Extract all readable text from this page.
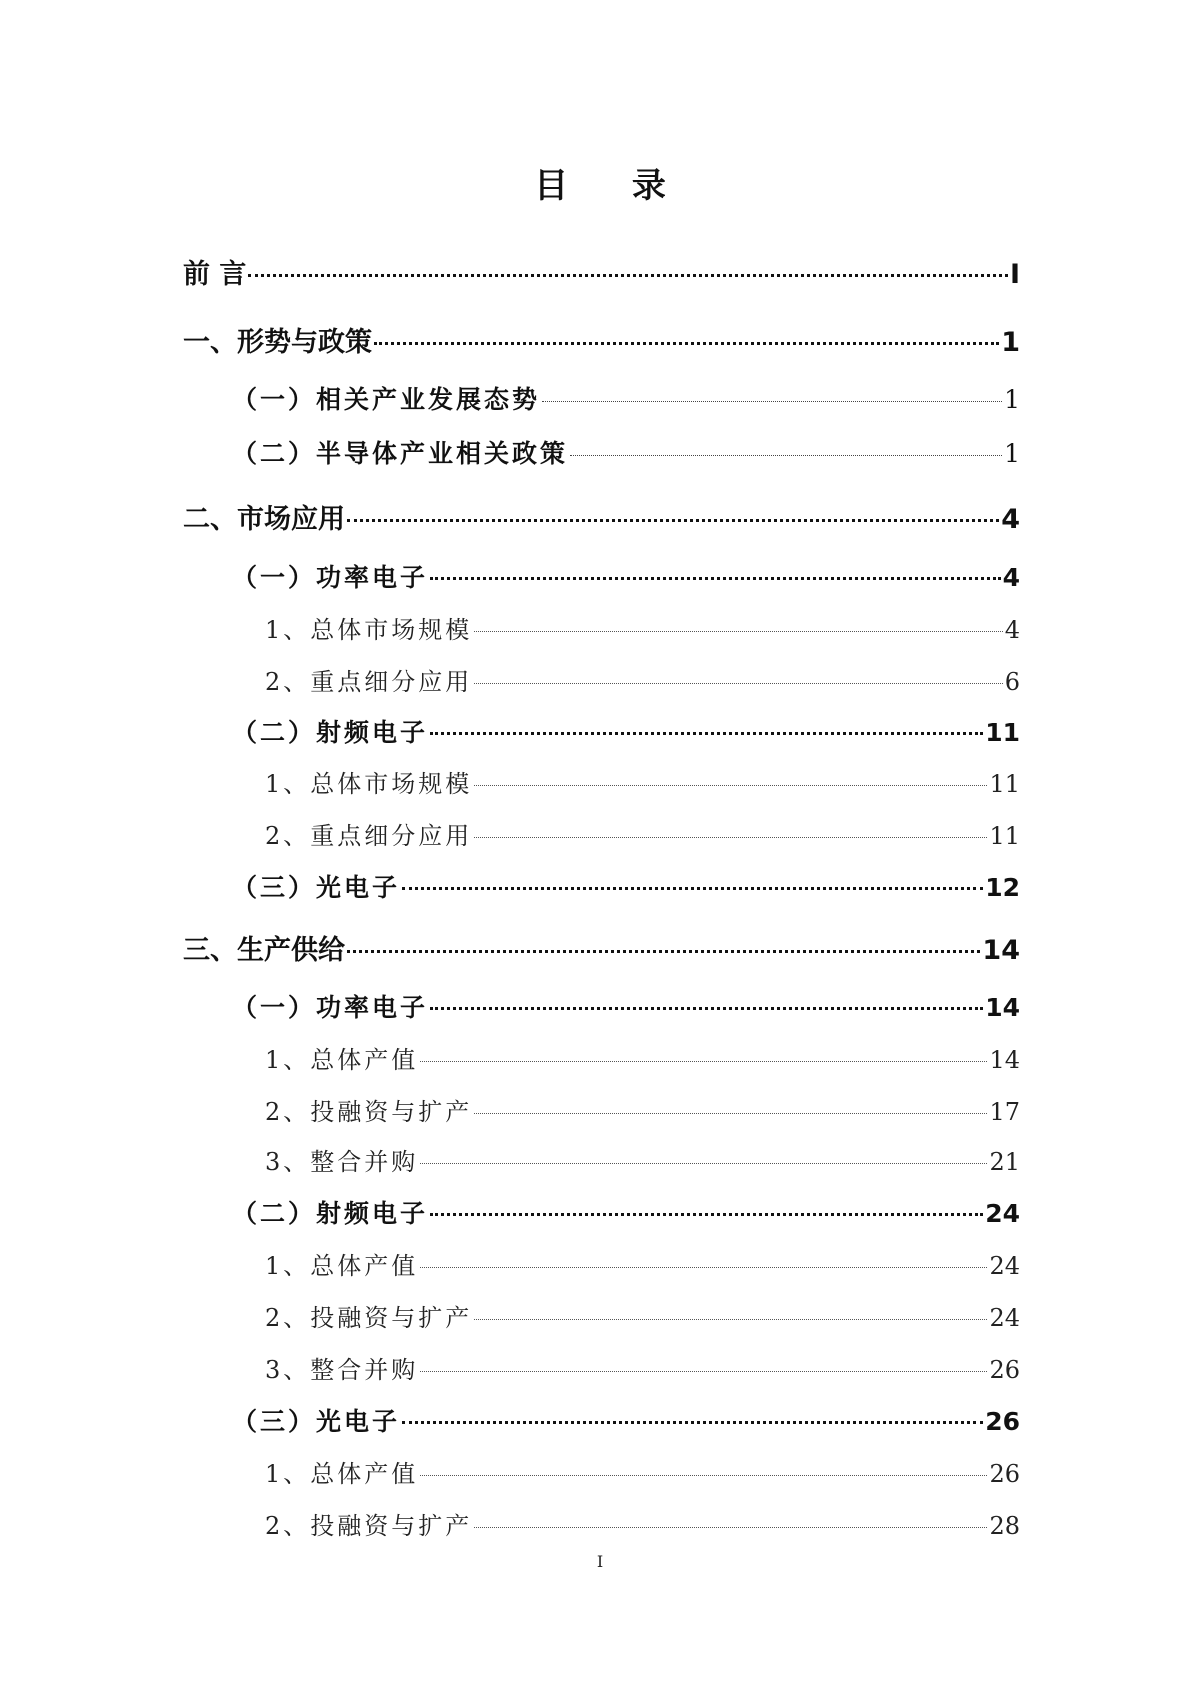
目 录
前 言	I
一、形势与政策	1
（一）相关产业发展态势	1
（二）半导体产业相关政策	1
二、市场应用	4
（一）功率电子	4
1、总体市场规模	4
2、重点细分应用	6
（二）射频电子	11
1、总体市场规模	11
2、重点细分应用	11
（三）光电子	12
三、生产供给	14
（一）功率电子	14
1、总体产值	14
2、投融资与扩产	17
3、整合并购	21
（二）射频电子	24
1、总体产值	24
2、投融资与扩产	24
3、整合并购	26
（三）光电子	26
1、总体产值	26
2、投融资与扩产	28
I
